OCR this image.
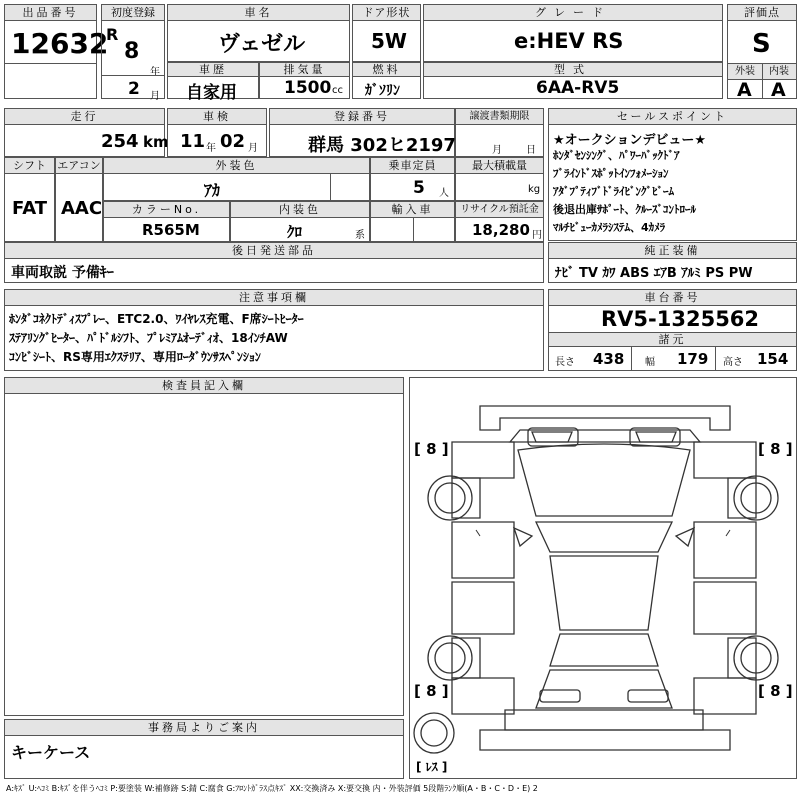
出品番号
12632
初度登録
R
8
年
2 月
車名
ヴェゼル
ドア形状
5W
グレード
e:HEV RS
評価点
S
外装	内装
A A
車歴
自家用
排気量
1500 cc
燃料
ｶﾞｿﾘﾝ
型式
6AA-RV5
走行
254 km
車検
11 年 02 月
登録番号
群馬 302ヒ2197
譲渡書類期限
月 日
シフト
FAT
エアコン
AAC
外装色
ｱｶ
乗車定員
5 人
最大積載量
kg
カラーNo.
R565M
内装色
ｸﾛ	系
輸入車	リサイクル預託金
18,280 円
後日発送部品
車両取説 予備ｷｰ
セールスポイント
★オークションデビュー★
ﾎﾝﾀﾞｾﾝｼﾝｸﾞ、ﾊﾟﾜｰﾊﾞｯｸﾄﾞｱ
ﾌﾞﾗｲﾝﾄﾞｽﾎﾟｯﾄｲﾝﾌｫﾒｰｼｮﾝ
ｱﾀﾞﾌﾟﾃｨﾌﾞﾄﾞﾗｲﾋﾞﾝｸﾞﾋﾞｰﾑ
後退出庫ｻﾎﾟｰﾄ、ｸﾙｰｽﾞｺﾝﾄﾛｰﾙ
ﾏﾙﾁﾋﾞｭｰｶﾒﾗｼｽﾃﾑ、4ｶﾒﾗ
純正装備
ﾅﾋﾞ TV ｶﾜ ABS ｴｱB ｱﾙﾐ PS PW
注意事項欄
ﾎﾝﾀﾞｺﾈｸﾄﾃﾞｨｽﾌﾟﾚｰ、ETC2.0、ﾜｲﾔﾚｽ充電、F席ｼｰﾄﾋｰﾀｰ
ｽﾃｱﾘﾝｸﾞﾋｰﾀｰ、ﾊﾟﾄﾞﾙｼﾌﾄ、ﾌﾟﾚﾐｱﾑｵｰﾃﾞｨｵ、18ｲﾝﾁAW
ｺﾝﾋﾞｼｰﾄ、RS専用ｴｸｽﾃﾘｱ、専用ﾛｰﾀﾞｳﾝｻｽﾍﾟﾝｼｮﾝ
車台番号
RV5-1325562
諸元
長さ 438 幅 179 高さ 154
検査員記入欄
事務局よりご案内
キーケース
[ 8 ]	[ 8 ]
[ 8 ]	[ 8 ]
[ ﾚｽ ]
A:ｷｽﾞ U:ﾍｺﾐ B:ｷｽﾞを伴うﾍｺﾐ P:要塗装 W:補修跡 S:錆 C:腐食 G:ﾌﾛﾝﾄｶﾞﾗｽ点ｷｽﾞ XX:交換済み X:要交換 内・外装評価 5段階ﾗﾝｸ順(A・B・C・D・E) 2
